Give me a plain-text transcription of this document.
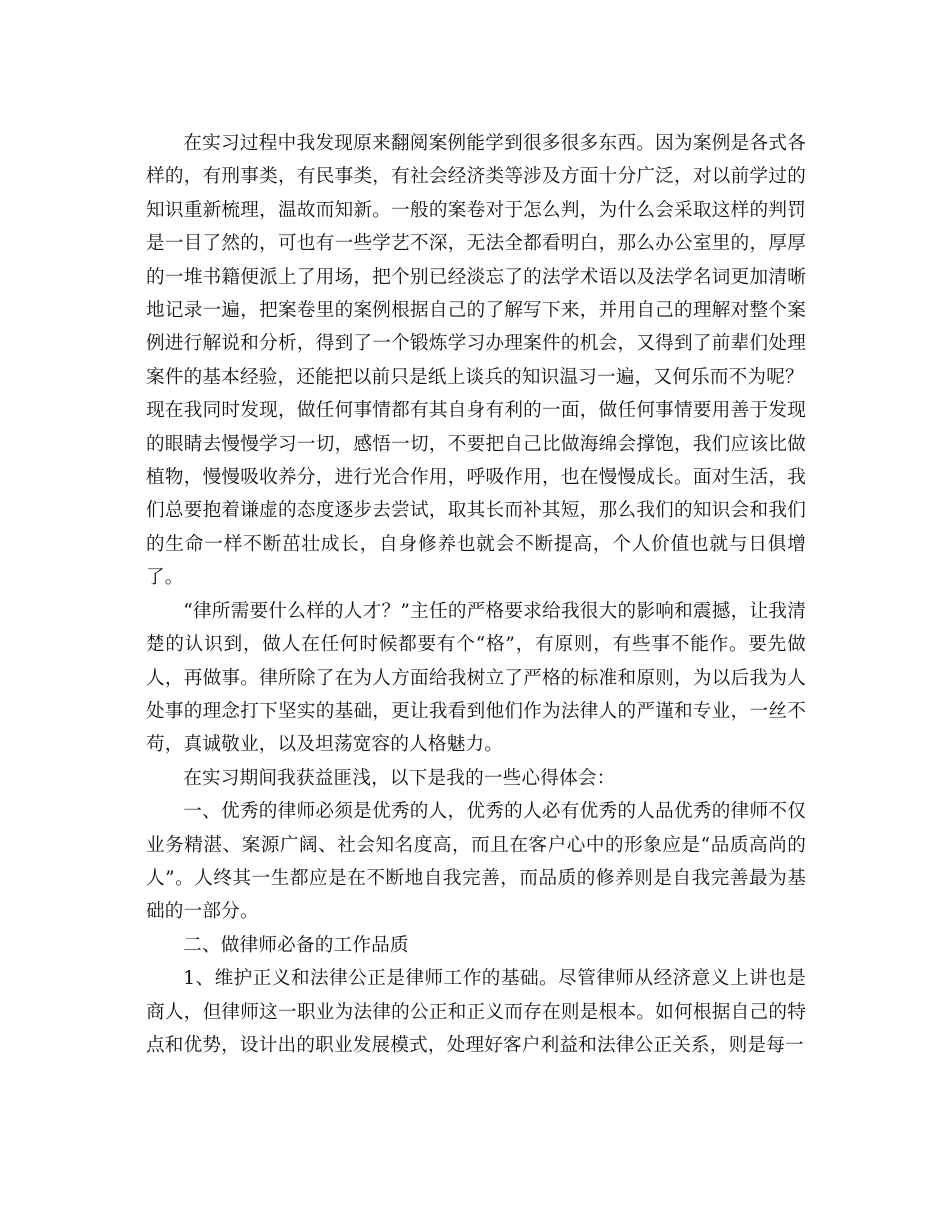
在实习过程中我发现原来翻阅案例能学到很多很多东西。因为案例是各式各样的，有刑事类，有民事类，有社会经济类等涉及方面十分广泛，对以前学过的知识重新梳理，温故而知新。一般的案卷对于怎么判，为什么会采取这样的判罚是一目了然的，可也有一些学艺不深，无法全都看明白，那么办公室里的，厚厚的一堆书籍便派上了用场，把个别已经淡忘了的法学术语以及法学名词更加清晰地记录一遍，把案卷里的案例根据自己的了解写下来，并用自己的理解对整个案例进行解说和分析，得到了一个锻炼学习办理案件的机会，又得到了前辈们处理案件的基本经验，还能把以前只是纸上谈兵的知识温习一遍，又何乐而不为呢？

现在我同时发现，做任何事情都有其自身有利的一面，做任何事情要用善于发现的眼睛去慢慢学习一切，感悟一切，不要把自己比做海绵会撑饱，我们应该比做植物，慢慢吸收养分，进行光合作用，呼吸作用，也在慢慢成长。面对生活，我们总要抱着谦虚的态度逐步去尝试，取其长而补其短，那么我们的知识会和我们的生命一样不断茁壮成长，自身修养也就会不断提高，个人价值也就与日俱增了。

“律所需要什么样的人才？”主任的严格要求给我很大的影响和震撼，让我清楚的认识到，做人在任何时候都要有个“格”，有原则，有些事不能作。要先做人，再做事。律所除了在为人方面给我树立了严格的标准和原则，为以后我为人处事的理念打下坚实的基础，更让我看到他们作为法律人的严谨和专业，一丝不苟，真诚敬业，以及坦荡宽容的人格魅力。

在实习期间我获益匪浅，以下是我的一些心得体会：

一、优秀的律师必须是优秀的人，优秀的人必有优秀的人品优秀的律师不仅业务精湛、案源广阔、社会知名度高，而且在客户心中的形象应是“品质高尚的人”。人终其一生都应是在不断地自我完善，而品质的修养则是自我完善最为基础的一部分。

二、做律师必备的工作品质

1、维护正义和法律公正是律师工作的基础。尽管律师从经济意义上讲也是商人，但律师这一职业为法律的公正和正义而存在则是根本。如何根据自己的特点和优势，设计出的职业发展模式，处理好客户利益和法律公正关系，则是每一
